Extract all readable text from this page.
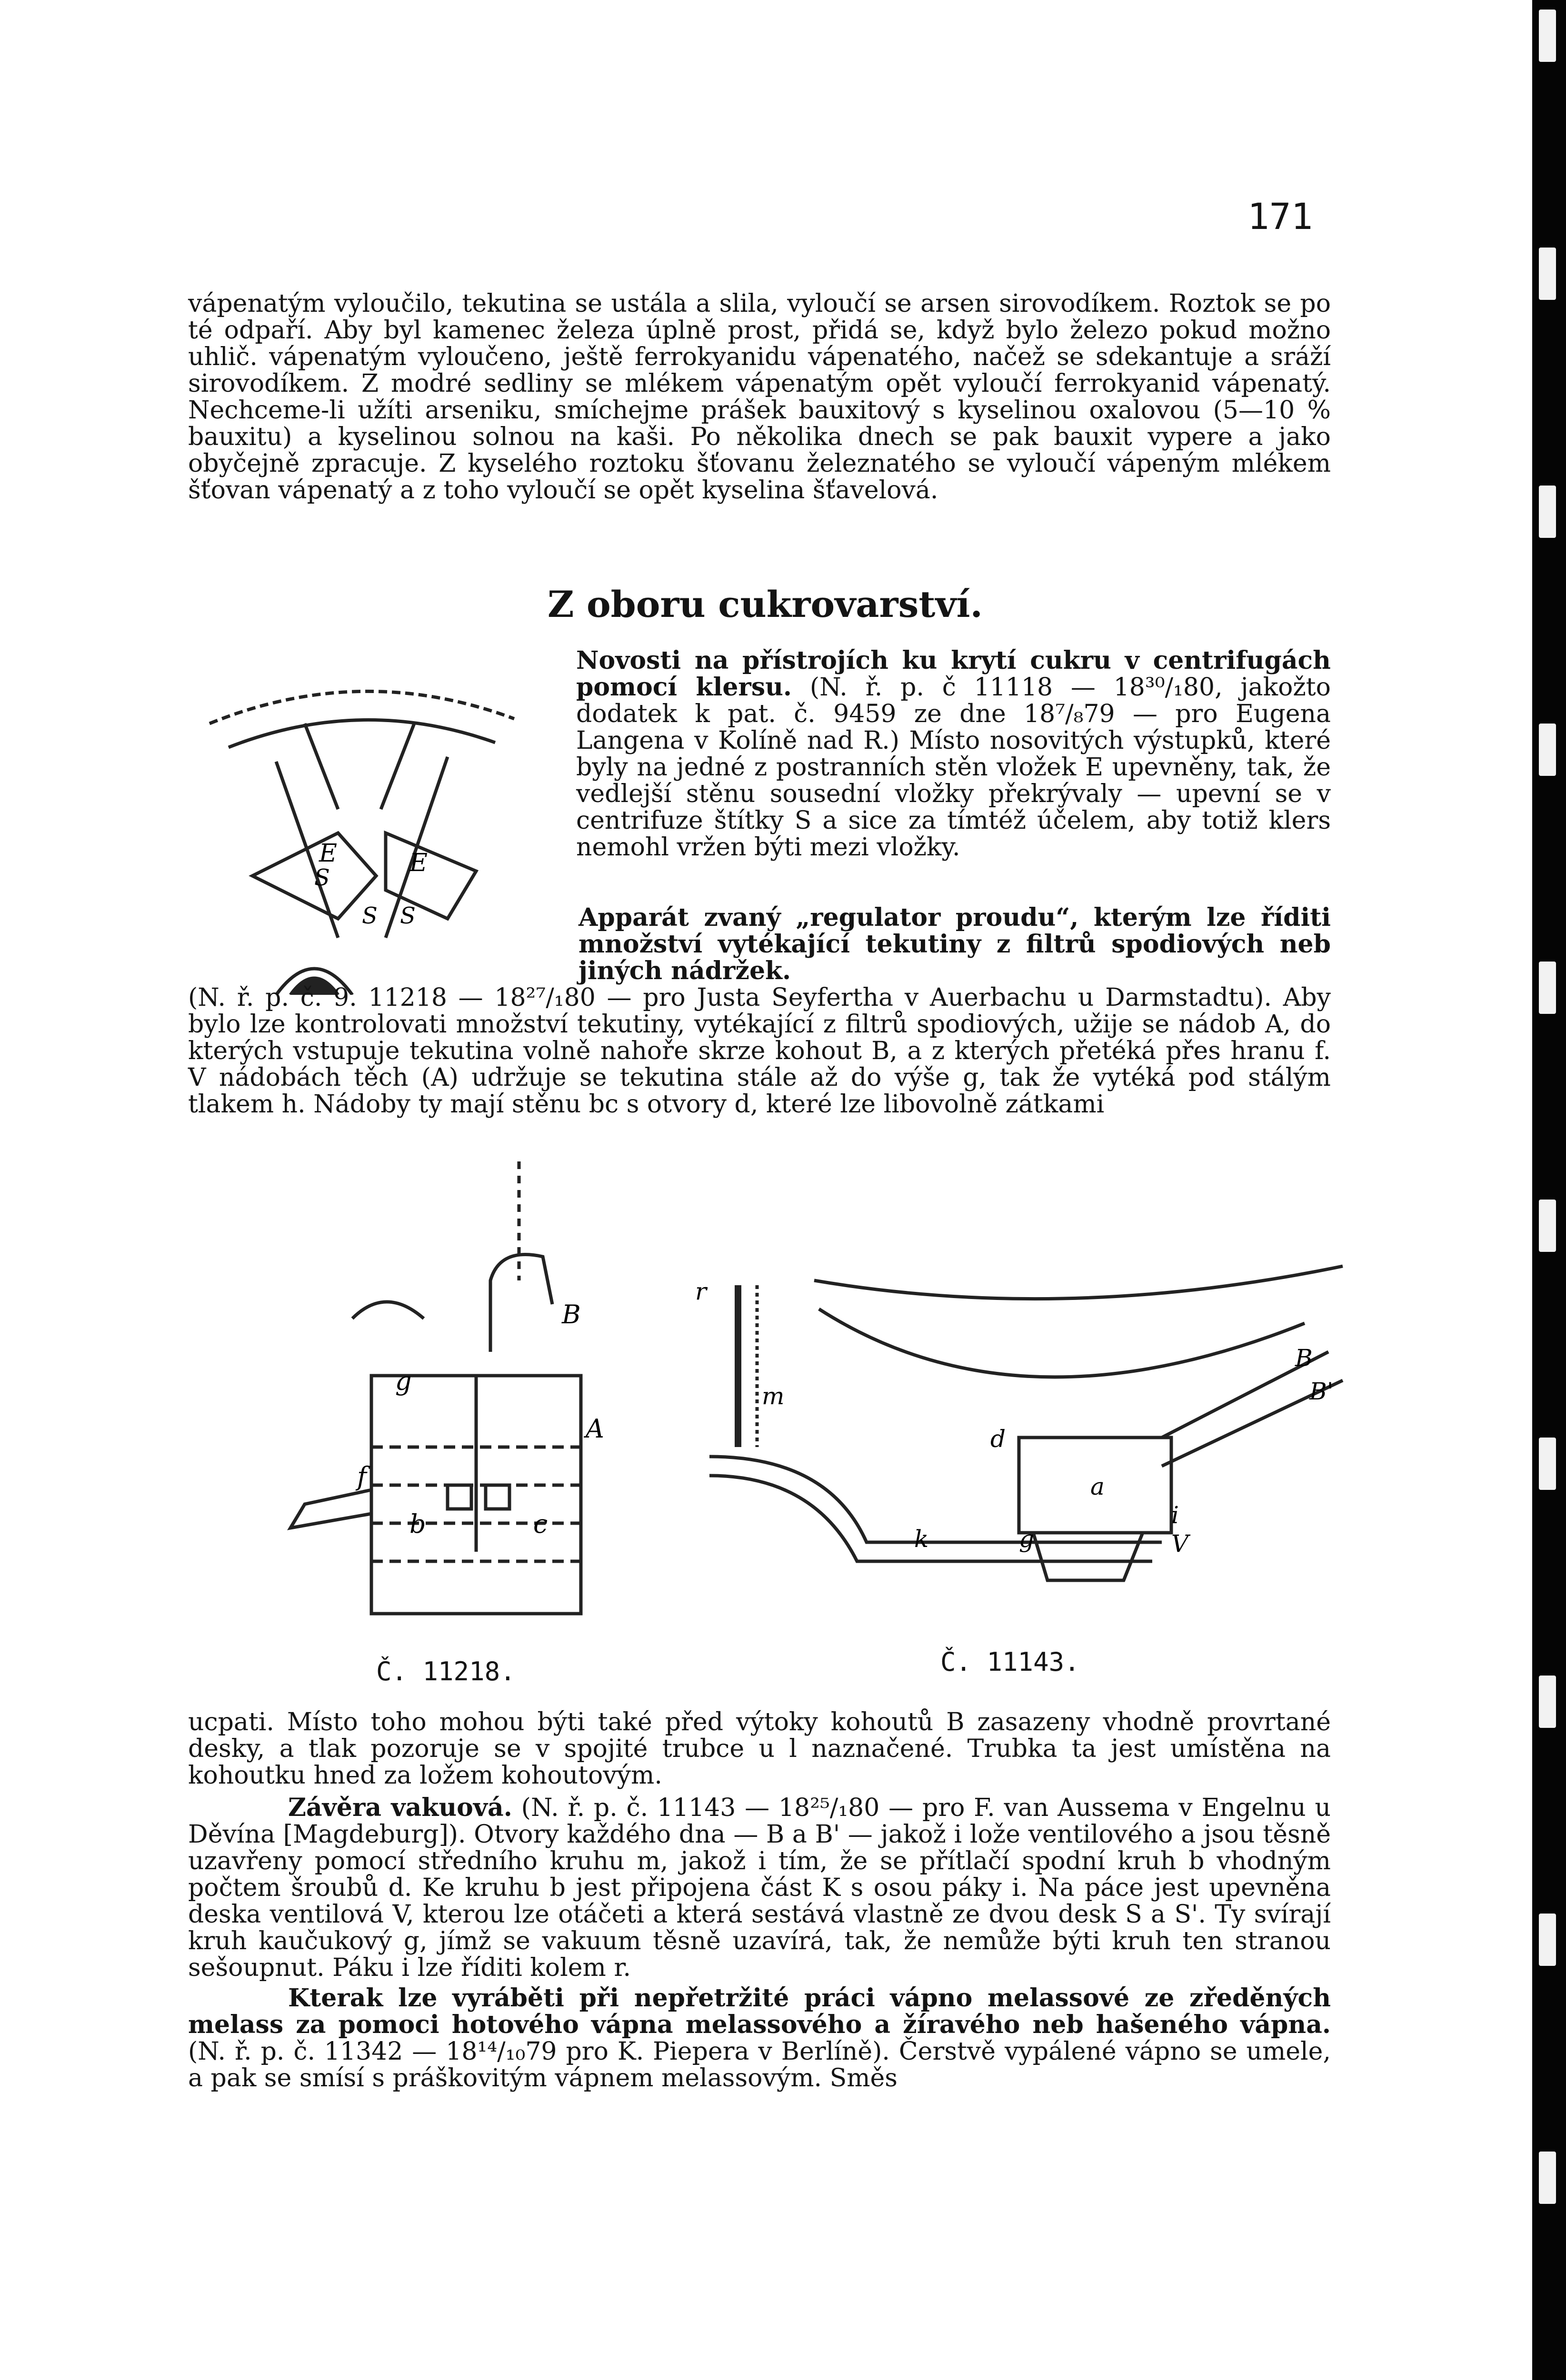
171

vápenatým vyloučilo, tekutina se ustála a slila, vyloučí se arsen sirovodíkem. Roztok se po té odpaří. Aby byl kamenec železa úplně prost, přidá se, když bylo železo pokud možno uhlič. vápenatým vyloučeno, ještě ferrokyanidu vápenatého, načež se sdekantuje a sráží sirovodíkem. Z modré sedliny se mlékem vápenatým opět vyloučí ferrokyanid vápenatý. Nechceme-li užíti arseniku, smíchejme prášek bauxitový s kyselinou oxalovou (5—10 % bauxitu) a kyselinou solnou na kaši. Po několika dnech se pak bauxit vypere a jako obyčejně zpracuje. Z kyselého roztoku šťovanu železnatého se vyloučí vápeným mlékem šťovan vápenatý a z toho vyloučí se opět kyselina šťavelová.

Z oboru cukrovarství.
E	E
S S
S

Novosti na přístrojích ku krytí cukru v centrifugách pomocí klersu. (N. ř. p. č 11118 — 18³⁰/₁80, jakožto dodatek k pat. č. 9459 ze dne 18⁷/₈79 — pro Eugena Langena v Kolíně nad R.) Místo nosovitých výstupků, které byly na jedné z postranních stěn vložek E upevněny, tak, že vedlejší stěnu sousední vložky překrývaly — upevní se v centrifuze štítky S a sice za tímtéž účelem, aby totiž klers nemohl vržen býti mezi vložky.

Apparát zvaný „regulator proudu“, kterým lze říditi množství vytékající tekutiny z filtrů spodiových neb jiných nádržek.

(N. ř. p. č. 9. 11218 — 18²⁷/₁80 — pro Justa Seyfertha v Auerbachu u Darmstadtu). Aby bylo lze kontrolovati množství tekutiny, vytékající z filtrů spodiových, užije se nádob A, do kterých vstupuje tekutina volně nahoře skrze kohout B, a z kterých přetéká přes hranu f. V nádobách těch (A) udržuje se tekutina stále až do výše g, tak že vytéká pod stálým tlakem h. Nádoby ty mají stěnu bc s otvory d, které lze libovolně zátkami

B
g
A
f
b	c
Č. 11218.
r
m
d
B
B'
a
k	g
i
V
Č. 11143.

ucpati. Místo toho mohou býti také před výtoky kohoutů B zasazeny vhodně provrtané desky, a tlak pozoruje se v spojité trubce u l naznačené. Trubka ta jest umístěna na kohoutku hned za ložem kohoutovým.

Závěra vakuová. (N. ř. p. č. 11143 — 18²⁵/₁80 — pro F. van Aussema v Engelnu u Děvína [Magdeburg]). Otvory každého dna — B a B' — jakož i lože ventilového a jsou těsně uzavřeny pomocí středního kruhu m, jakož i tím, že se přítlačí spodní kruh b vhodným počtem šroubů d. Ke kruhu b jest připojena část K s osou páky i. Na páce jest upevněna deska ventilová V, kterou lze otáčeti a která sestává vlastně ze dvou desk S a S'. Ty svírají kruh kaučukový g, jímž se vakuum těsně uzavírá, tak, že nemůže býti kruh ten stranou sešoupnut. Páku i lze říditi kolem r.

Kterak lze vyráběti při nepřetržité práci vápno melassové ze zředěných melass za pomoci hotového vápna melassového a žíravého neb hašeného vápna. (N. ř. p. č. 11342 — 18¹⁴/₁₀79 pro K. Piepera v Berlíně). Čerstvě vypálené vápno se umele, a pak se smísí s práškovitým vápnem melassovým. Směs
